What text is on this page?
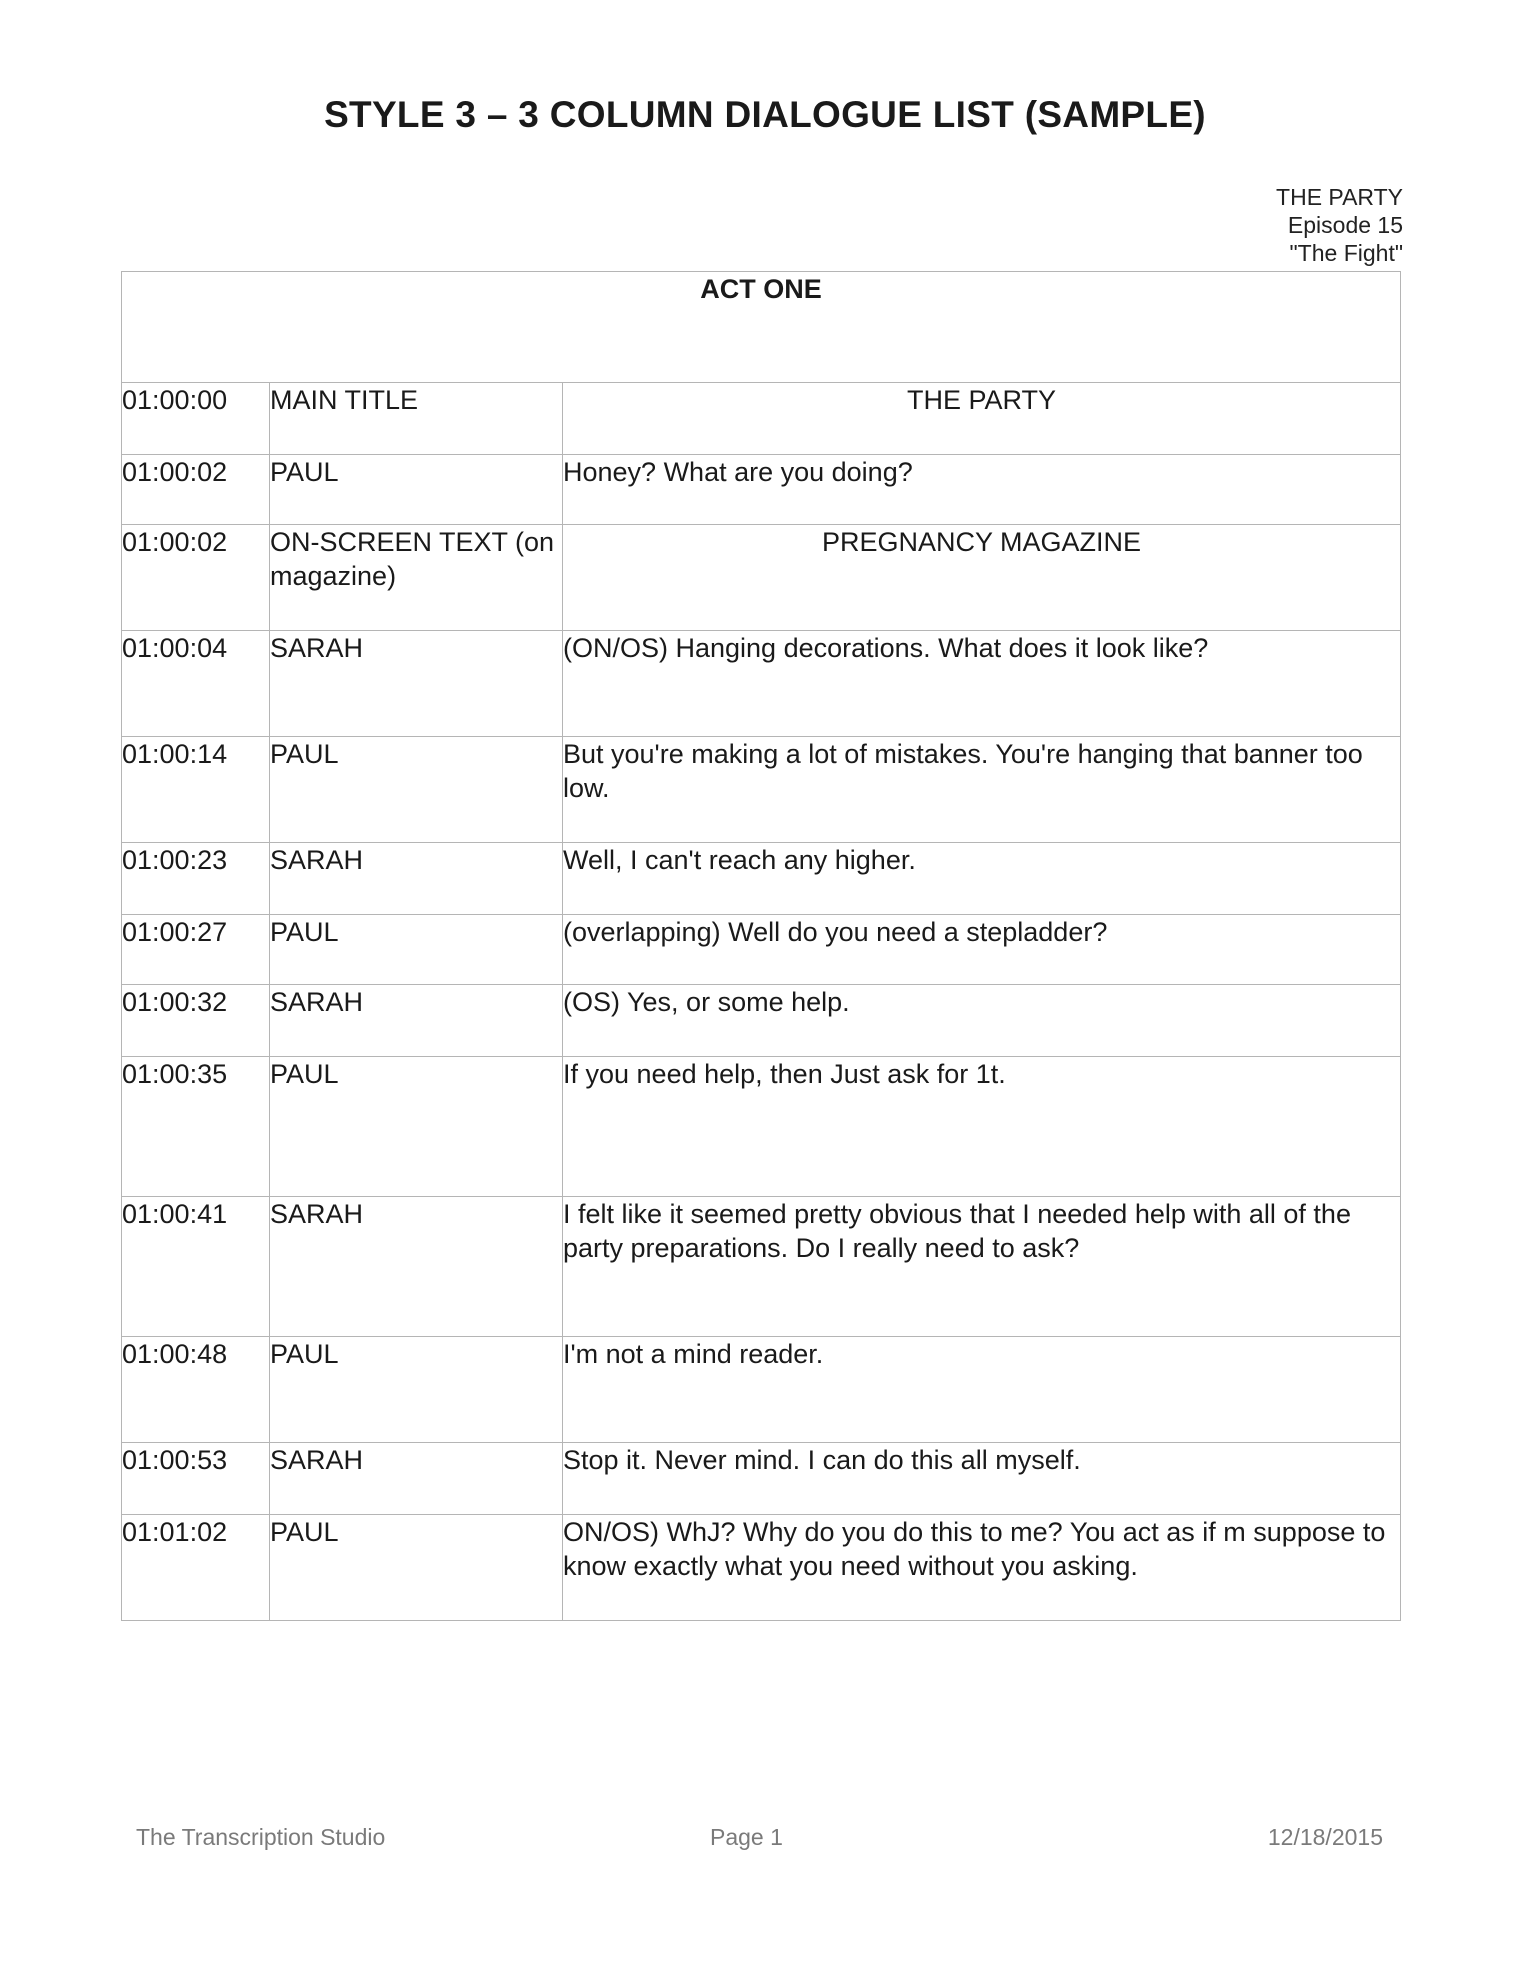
STYLE 3 – 3 COLUMN DIALOGUE LIST (SAMPLE)
THE PARTY
Episode 15
"The Fight"
ACT ONE		
01:00:00	MAIN TITLE	THE PARTY
01:00:02	PAUL	Honey? What are you doing?
01:00:02	ON-SCREEN TEXT (on magazine)	PREGNANCY MAGAZINE
01:00:04	SARAH	(ON/OS) Hanging decorations. What does it look like?
01:00:14	PAUL	But you're making a lot of mistakes. You're hanging that banner too low.
01:00:23	SARAH	Well, I can't reach any higher.
01:00:27	PAUL	(overlapping) Well do you need a stepladder?
01:00:32	SARAH	(OS) Yes, or some help.
01:00:35	PAUL	If you need help, then Just ask for 1t.
01:00:41	SARAH	I felt like it seemed pretty obvious that I needed help with all of the party preparations. Do I really need to ask?
01:00:48	PAUL	I'm not a mind reader.
01:00:53	SARAH	Stop it. Never mind. I can do this all myself.
01:01:02	PAUL	ON/OS) WhJ? Why do you do this to me? You act as if m suppose to know exactly what you need without you asking.
The Transcription Studio	Page 1	12/18/2015
